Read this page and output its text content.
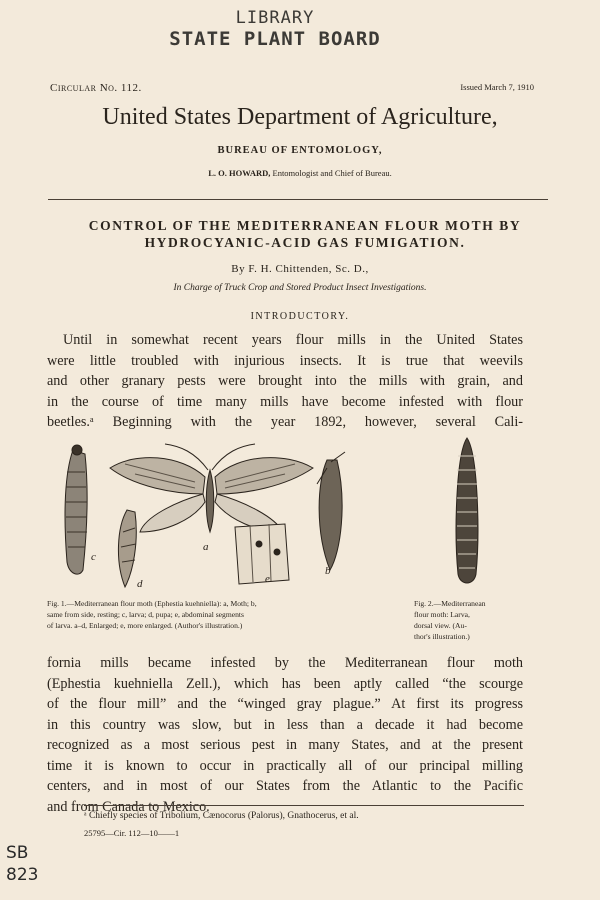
LIBRARY
STATE PLANT BOARD
Circular No. 112.	Issued March 7, 1910
United States Department of Agriculture,
BUREAU OF ENTOMOLOGY,
L. O. HOWARD, Entomologist and Chief of Bureau.
CONTROL OF THE MEDITERRANEAN FLOUR MOTH BY
HYDROCYANIC-ACID GAS FUMIGATION.
By F. H. Chittenden, Sc. D.,
In Charge of Truck Crop and Stored Product Insect Investigations.
INTRODUCTORY.
Until in somewhat recent years flour mills in the United States
were little troubled with injurious insects. It is true that weevils
and other granary pests were brought into the mills with grain, and
in the course of time many mills have become infested with flour
beetles.ᵃ Beginning with the year 1892, however, several Cali-
c
d
a
e
b
Fig. 1.—Mediterranean flour moth (Ephestia kuehniella): a, Moth; b,
same from side, resting; c, larva; d, pupa; e, abdominal segments
of larva. a–d, Enlarged; e, more enlarged. (Author's illustration.)
Fig. 2.—Mediterranean
flour moth: Larva,
dorsal view. (Au-
thor's illustration.)
fornia mills became infested by the Mediterranean flour moth
(Ephestia kuehniella Zell.), which has been aptly called “the scourge
of the flour mill” and the “winged gray plague.” At first its progress
in this country was slow, but in less than a decade it had become
recognized as a most serious pest in many States, and at the present
time it is known to occur in practically all of our principal milling
centers, and in most of our States from the Atlantic to the Pacific
and from Canada to Mexico.
ᵃ Chiefly species of Tribolium, Cænocorus (Palorus), Gnathocerus, et al.
25795—Cir. 112—10——1
SB
823
